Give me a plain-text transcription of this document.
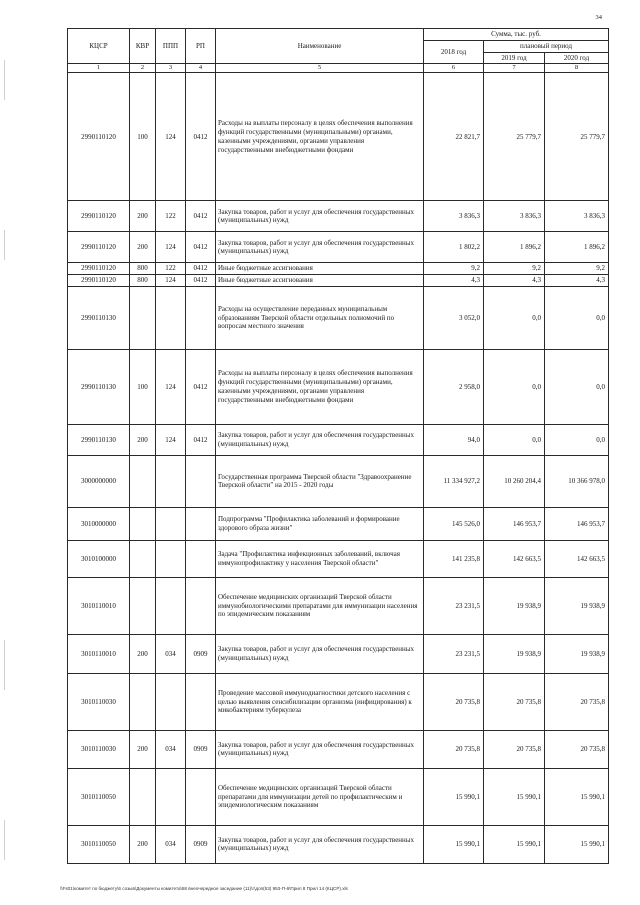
34
КЦСР	КВР	ППП	РП	Наименование	Сумма, тыс. руб.		
					2018 год	плановый период	
						2019 год	2020 год
1	2	3	4	5	6	7	8
2990110120	100	124	0412	Расходы на выплаты персоналу в целях обеспечения выполнения функций государственными (муниципальными) органами, казенными учреждениями, органами управления государственными внебюджетными фондами	22 821,7	25 779,7	25 779,7
2990110120	200	122	0412	Закупка товаров, работ и услуг для обеспечения государственных (муниципальных) нужд	3 836,3	3 836,3	3 836,3
2990110120	200	124	0412	Закупка товаров, работ и услуг для обеспечения государственных (муниципальных) нужд	1 802,2	1 896,2	1 896,2
2990110120	800	122	0412	Иные бюджетные ассигнования	9,2	9,2	9,2
2990110120	800	124	0412	Иные бюджетные ассигнования	4,3	4,3	4,3
2990110130				Расходы на осуществление переданных муниципальным образованиям Тверской области отдельных полномочий по вопросам местного значения	3 052,0	0,0	0,0
2990110130	100	124	0412	Расходы на выплаты персоналу в целях обеспечения выполнения функций государственными (муниципальными) органами, казенными учреждениями, органами управления государственными внебюджетными фондами	2 958,0	0,0	0,0
2990110130	200	124	0412	Закупка товаров, работ и услуг для обеспечения государственных (муниципальных) нужд	94,0	0,0	0,0
3000000000				Государственная программа Тверской области "Здравоохранение Тверской области" на 2015 - 2020 годы	11 334 927,2	10 260 204,4	10 366 978,0
3010000000				Подпрограмма "Профилактика заболеваний и формирование здорового образа жизни"	145 526,0	146 953,7	146 953,7
3010100000				Задача "Профилактика инфекционных заболеваний, включая иммунопрофилактику у населения Тверской области"	141 235,8	142 663,5	142 663,5
3010110010				Обеспечение медицинских организаций Тверской области иммунобиологическими препаратами для иммунизации населения по эпидемическим показаниям	23 231,5	19 938,9	19 938,9
3010110010	200	034	0909	Закупка товаров, работ и услуг для обеспечения государственных (муниципальных) нужд	23 231,5	19 938,9	19 938,9
3010110030				Проведение массовой иммунодиагностики детского населения с целью выявления сенсибилизации организма (инфицирования) к микобактериям туберкулеза	20 735,8	20 735,8	20 735,8
3010110030	200	034	0909	Закупка товаров, работ и услуг для обеспечения государственных (муниципальных) нужд	20 735,8	20 735,8	20 735,8
3010110050				Обеспечение медицинских организаций Тверской области препаратами для иммунизации детей по профилактическим и эпидемиологическим показаниям	15 990,1	15 990,1	15 990,1
3010110050	200	034	0909	Закупка товаров, работ и услуг для обеспечения государственных (муниципальных) нужд	15 990,1	15 990,1	15 990,1
\\Fs01\комитет по бюджету\6 созыв\Документы комитета\58 внеочередное заседание (11)\г\доп(53) 953-П-6\Прил 8 Прил 14 (КЦСР).xls
